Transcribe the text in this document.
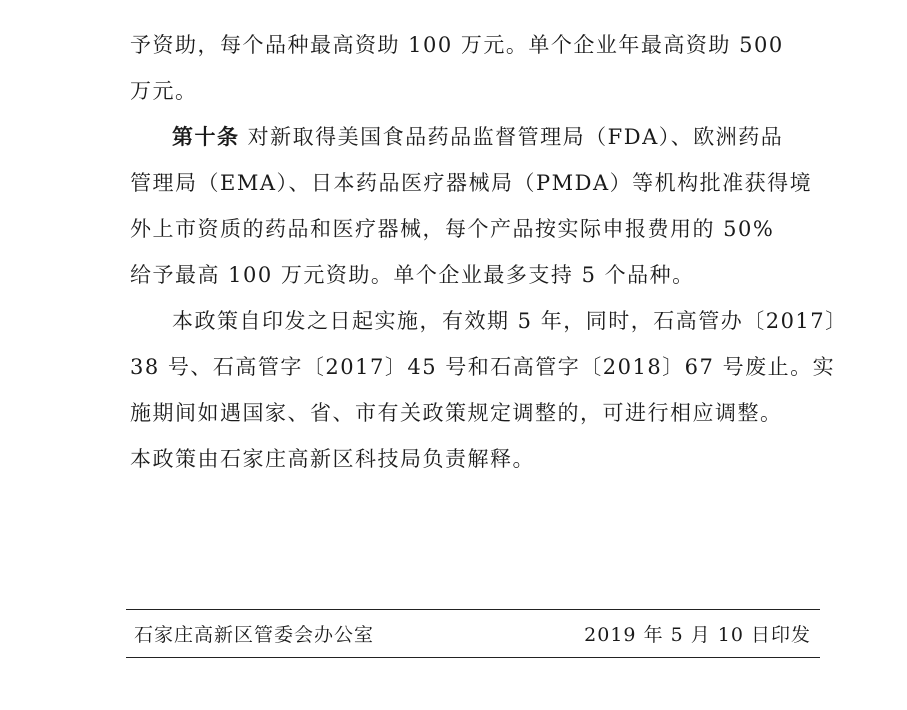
予资助，每个品种最高资助 100 万元。单个企业年最高资助 500
万元。
第十条 对新取得美国食品药品监督管理局（FDA）、欧洲药品
管理局（EMA）、日本药品医疗器械局（PMDA）等机构批准获得境
外上市资质的药品和医疗器械，每个产品按实际申报费用的 50%
给予最高 100 万元资助。单个企业最多支持 5 个品种。
本政策自印发之日起实施，有效期 5 年，同时，石高管办〔2017〕
38 号、石高管字〔2017〕45 号和石高管字〔2018〕67 号废止。实
施期间如遇国家、省、市有关政策规定调整的，可进行相应调整。
本政策由石家庄高新区科技局负责解释。
石家庄高新区管委会办公室	2019 年 5 月 10 日印发
